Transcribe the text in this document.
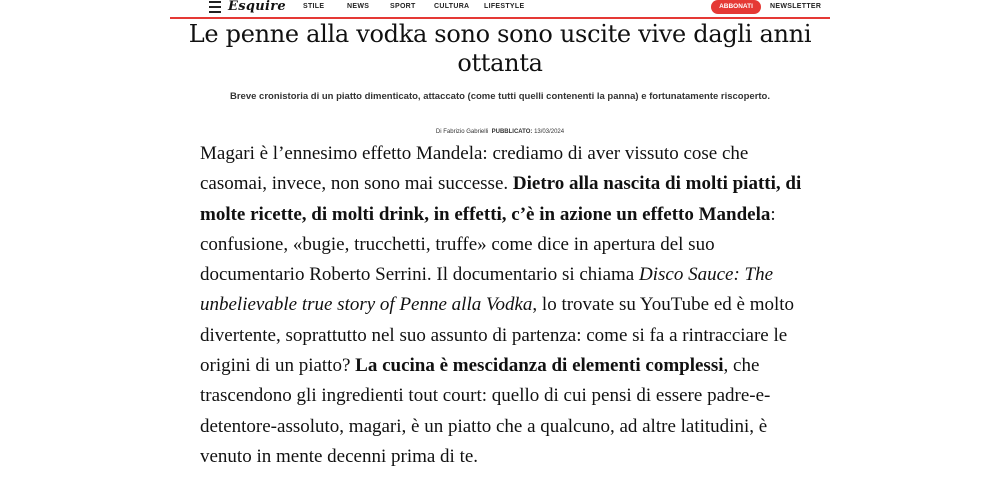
Esquire STILE	NEWS	SPORT	CULTURA LIFESTYLE	ABBONATI	NEWSLETTER
Le penne alla vodka sono sono uscite vive dagli anni ottanta

Breve cronistoria di un piatto dimenticato, attaccato (come tutti quelli contenenti la panna) e fortunatamente riscoperto.

Di Fabrizio Gabrielli PUBBLICATO: 13/03/2024

Magari è l’ennesimo effetto Mandela: crediamo di aver vissuto cose che casomai, invece, non sono mai successe. Dietro alla nascita di molti piatti, di molte ricette, di molti drink, in effetti, c’è in azione un effetto Mandela: confusione, «bugie, trucchetti, truffe» come dice in apertura del suo documentario Roberto Serrini. Il documentario si chiama Disco Sauce: The unbelievable true story of Penne alla Vodka, lo trovate su YouTube ed è molto divertente, soprattutto nel suo assunto di partenza: come si fa a rintracciare le origini di un piatto? La cucina è mescidanza di elementi complessi, che trascendono gli ingredienti tout court: quello di cui pensi di essere padre-e-detentore-assoluto, magari, è un piatto che a qualcuno, ad altre latitudini, è venuto in mente decenni prima di te.
